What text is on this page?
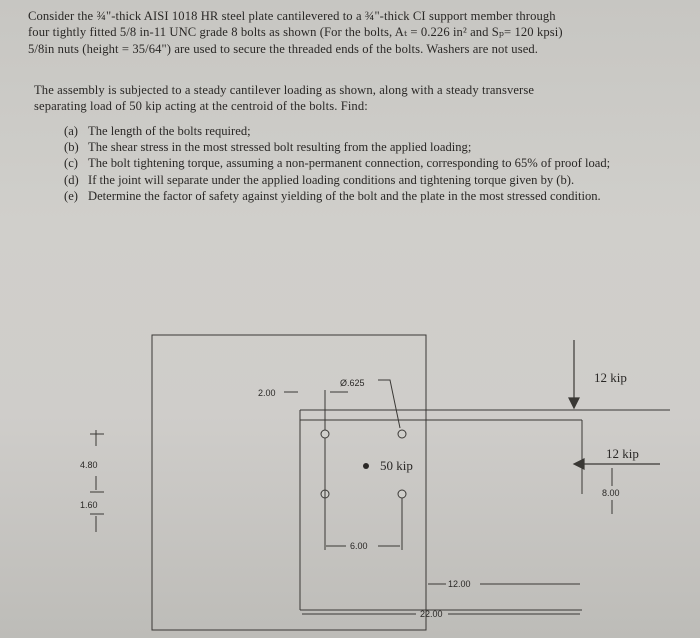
Consider the ¾"-thick AISI 1018 HR steel plate cantilevered to a ¾"-thick CI support member through

four tightly fitted 5/8 in-11 UNC grade 8 bolts as shown (For the bolts, Aₜ = 0.226 in² and Sₚ= 120 kpsi)

5/8in nuts (height = 35/64") are used to secure the threaded ends of the bolts. Washers are not used.

The assembly is subjected to a steady cantilever loading as shown, along with a steady transverse

separating load of 50 kip acting at the centroid of the bolts. Find:

(a) The length of the bolts required;
(b) The shear stress in the most stressed bolt resulting from the applied loading;
(c) The bolt tightening torque, assuming a non-permanent connection, corresponding to 65% of proof load;
(d) If the joint will separate under the applied loading conditions and tightening torque given by (b).
(e) Determine the factor of safety against yielding of the bolt and the plate in the most stressed condition.
50 kip
Ø.625
2.00
4.80
1.60
6.00
12.00
22.00
12 kip
12 kip
8.00
